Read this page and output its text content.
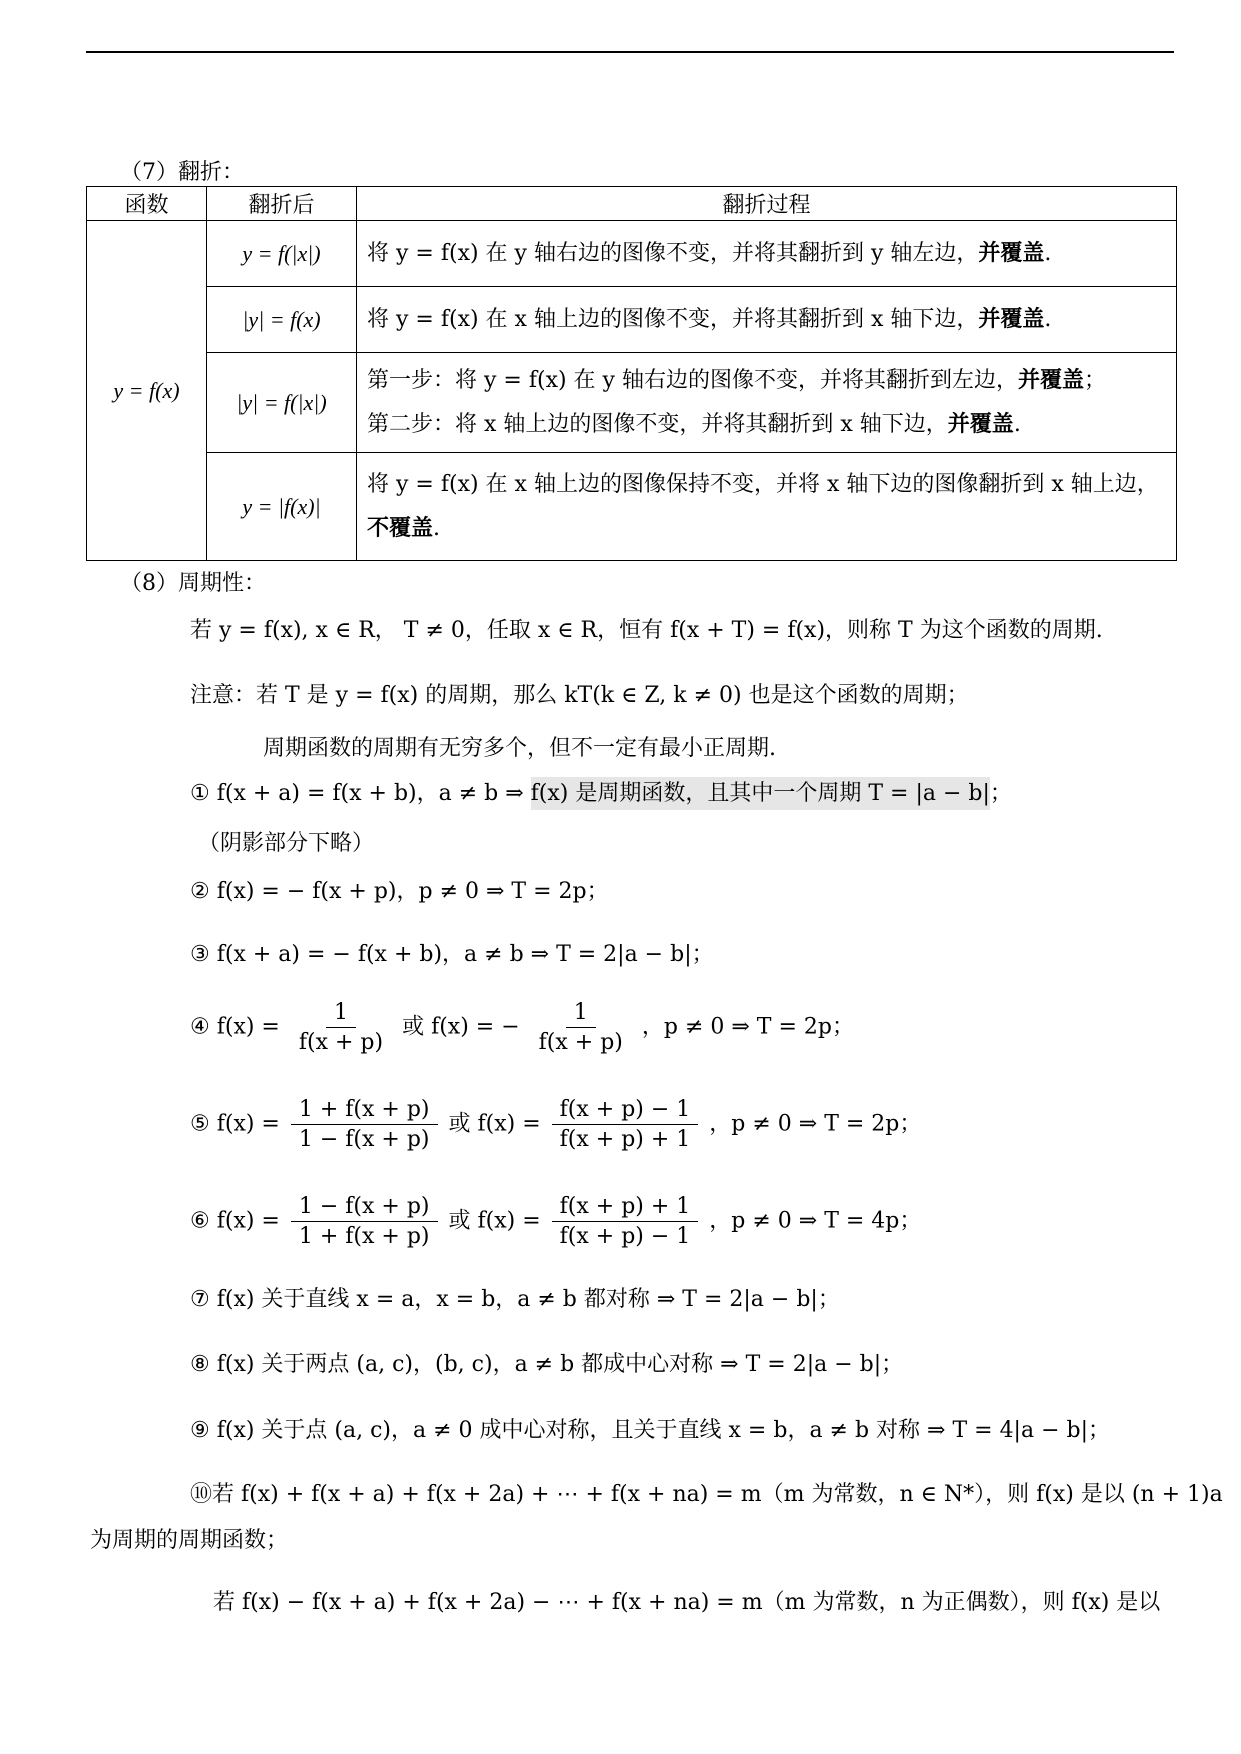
（7）翻折：
函数	翻折后	翻折过程
y = f(x)	y = f(|x|)	将 y = f(x) 在 y 轴右边的图像不变，并将其翻折到 y 轴左边，并覆盖.
	|y| = f(x)	将 y = f(x) 在 x 轴上边的图像不变，并将其翻折到 x 轴下边，并覆盖.
	|y| = f(|x|)	第一步：将 y = f(x) 在 y 轴右边的图像不变，并将其翻折到左边，并覆盖；
第二步：将 x 轴上边的图像不变，并将其翻折到 x 轴下边，并覆盖.

	y = |f(x)|	将 y = f(x) 在 x 轴上边的图像保持不变，并将 x 轴下边的图像翻折到 x 轴上边，不覆盖.
（8）周期性：
若 y = f(x), x ∈ R， T ≠ 0，任取 x ∈ R，恒有 f(x + T) = f(x)，则称 T 为这个函数的周期.
注意：若 T 是 y = f(x) 的周期，那么 kT(k ∈ Z, k ≠ 0) 也是这个函数的周期；
周期函数的周期有无穷多个，但不一定有最小正周期.
① f(x + a) = f(x + b)，a ≠ b ⇒ f(x) 是周期函数，且其中一个周期 T = |a − b|；
（阴影部分下略）
② f(x) = − f(x + p)，p ≠ 0 ⇒ T = 2p；
③ f(x + a) = − f(x + b)，a ≠ b ⇒ T = 2|a − b|；
④ $f(x) = \frac{1}{f(x + p)}$ 或 f(x) = − $\frac{1}{f(x + p)}$ ，p ≠ 0 ⇒ T = 2p；
⑤ $f(x) = \frac{1 + f(x + p)}{1 - f(x + p)}$ 或 $f(x) = \frac{f(x + p) - 1}{f(x + p) + 1}$ ，p ≠ 0 ⇒ T = 2p；
⑥ $f(x) = \frac{1 - f(x + p)}{1 + f(x + p)}$ 或 $f(x) = \frac{f(x + p) + 1}{f(x + p) - 1}$ ，p ≠ 0 ⇒ T = 4p；
⑦ f(x) 关于直线 x = a，x = b，a ≠ b 都对称 ⇒ T = 2|a − b|；
⑧ f(x) 关于两点 (a, c)，(b, c)，a ≠ b 都成中心对称 ⇒ T = 2|a − b|；
⑨ f(x) 关于点 (a, c)，a ≠ 0 成中心对称，且关于直线 x = b，a ≠ b 对称 ⇒ T = 4|a − b|；
⑩若 f(x) + f(x + a) + f(x + 2a) + ⋯ + f(x + na) = m（m 为常数，n ∈ N*），则 f(x) 是以 (n + 1)a
为周期的周期函数；
若 f(x) − f(x + a) + f(x + 2a) − ⋯ + f(x + na) = m（m 为常数，n 为正偶数），则 f(x) 是以
